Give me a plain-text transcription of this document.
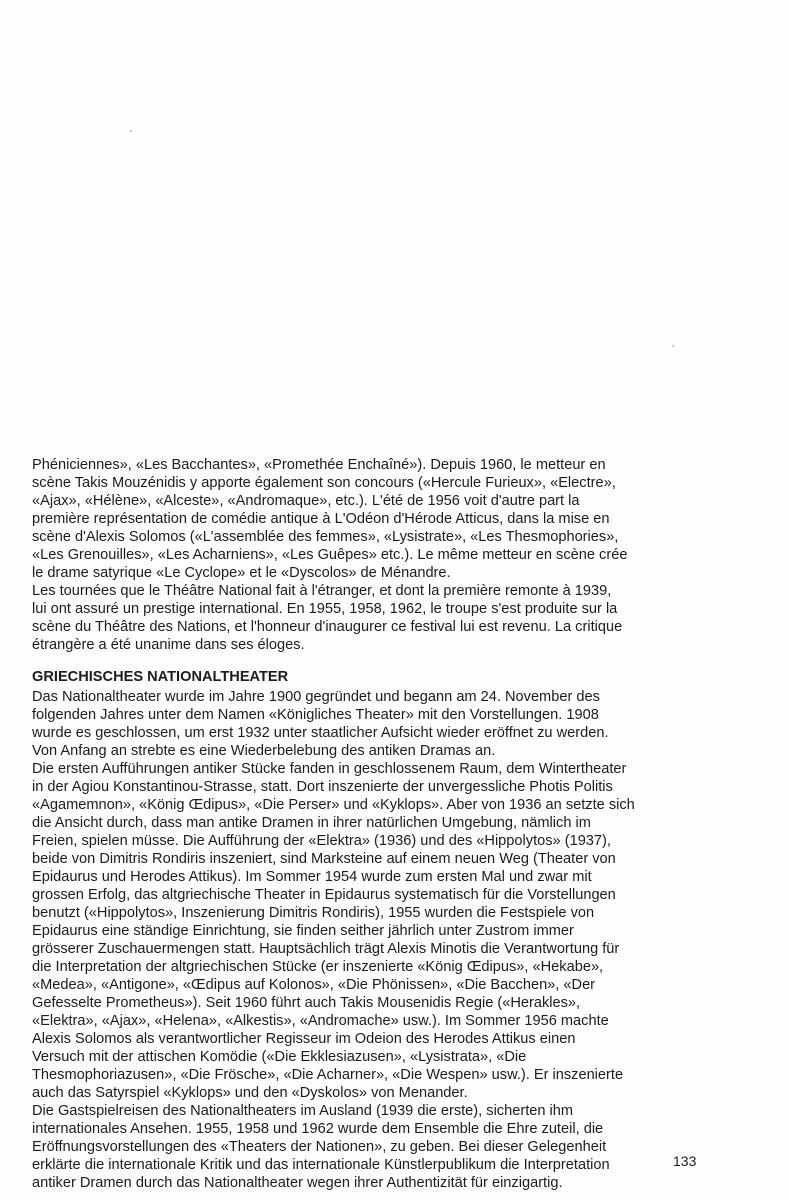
Phéniciennes», «Les Bacchantes», «Promethée Enchaîné»). Depuis 1960, le metteur en
scène Takis Mouzénidis y apporte également son concours («Hercule Furieux», «Electre»,
«Ajax», «Hélène», «Alceste», «Andromaque», etc.). L'été de 1956 voit d'autre part la
première représentation de comédie antique à L'Odéon d'Hérode Atticus, dans la mise en
scène d'Alexis Solomos («L'assemblée des femmes», «Lysistrate», «Les Thesmophories»,
«Les Grenouilles», «Les Acharniens», «Les Guêpes» etc.). Le même metteur en scène crée
le drame satyrique «Le Cyclope» et le «Dyscolos» de Ménandre.
Les tournées que le Théâtre National fait à l'étranger, et dont la première remonte à 1939,
lui ont assuré un prestige international. En 1955, 1958, 1962, le troupe s'est produite sur la
scène du Théâtre des Nations, et l'honneur d'inaugurer ce festival lui est revenu. La critique
étrangère a été unanime dans ses éloges.
GRIECHISCHES NATIONALTHEATER
Das Nationaltheater wurde im Jahre 1900 gegründet und begann am 24. November des
folgenden Jahres unter dem Namen «Königliches Theater» mit den Vorstellungen. 1908
wurde es geschlossen, um erst 1932 unter staatlicher Aufsicht wieder eröffnet zu werden.
Von Anfang an strebte es eine Wiederbelebung des antiken Dramas an.
Die ersten Aufführungen antiker Stücke fanden in geschlossenem Raum, dem Wintertheater
in der Agiou Konstantinou-Strasse, statt. Dort inszenierte der unvergessliche Photis Politis
«Agamemnon», «König Œdipus», «Die Perser» und «Kyklops». Aber von 1936 an setzte sich
die Ansicht durch, dass man antike Dramen in ihrer natürlichen Umgebung, nämlich im
Freien, spielen müsse. Die Aufführung der «Elektra» (1936) und des «Hippolytos» (1937),
beide von Dimitris Rondiris inszeniert, sind Marksteine auf einem neuen Weg (Theater von
Epidaurus und Herodes Attikus). Im Sommer 1954 wurde zum ersten Mal und zwar mit
grossen Erfolg, das altgriechische Theater in Epidaurus systematisch für die Vorstellungen
benutzt («Hippolytos», Inszenierung Dimitris Rondiris), 1955 wurden die Festspiele von
Epidaurus eine ständige Einrichtung, sie finden seither jährlich unter Zustrom immer
grösserer Zuschauermengen statt. Hauptsächlich trägt Alexis Minotis die Verantwortung für
die Interpretation der altgriechischen Stücke (er inszenierte «König Œdipus», «Hekabe»,
«Medea», «Antigone», «Œdipus auf Kolonos», «Die Phönissen», «Die Bacchen», «Der
Gefesselte Prometheus»). Seit 1960 führt auch Takis Mousenidis Regie («Herakles»,
«Elektra», «Ajax», «Helena», «Alkestis», «Andromache» usw.). Im Sommer 1956 machte
Alexis Solomos als verantwortlicher Regisseur im Odeion des Herodes Attikus einen
Versuch mit der attischen Komödie («Die Ekklesiazusen», «Lysistrata», «Die
Thesmophoriazusen», «Die Frösche», «Die Acharner», «Die Wespen» usw.). Er inszenierte
auch das Satyrspiel «Kyklops» und den «Dyskolos» von Menander.
Die Gastspielreisen des Nationaltheaters im Ausland (1939 die erste), sicherten ihm
internationales Ansehen. 1955, 1958 und 1962 wurde dem Ensemble die Ehre zuteil, die
Eröffnungsvorstellungen des «Theaters der Nationen», zu geben. Bei dieser Gelegenheit
erklärte die internationale Kritik und das internationale Künstlerpublikum die Interpretation
antiker Dramen durch das Nationaltheater wegen ihrer Authentizität für einzigartig.
133
